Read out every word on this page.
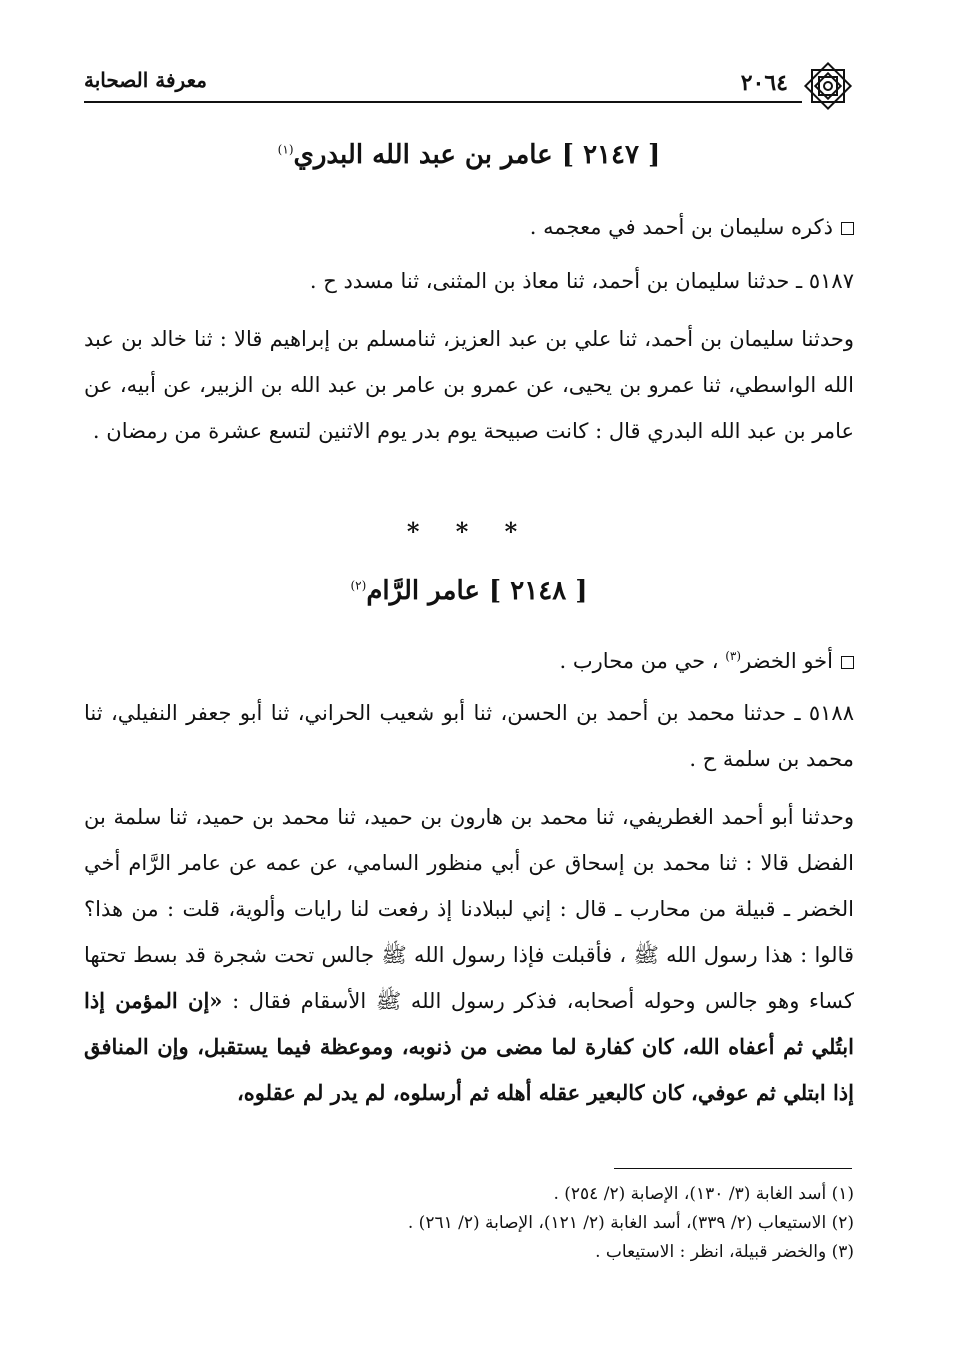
معرفة الصحابة	٢٠٦٤
[ ٢١٤٧ ] عامر بن عبد الله البدري$^{(١)}$
ذكره سليمان بن أحمد في معجمه .
٥١٨٧ ـ حدثنا سليمان بن أحمد، ثنا معاذ بن المثنى، ثنا مسدد ح .
وحدثنا سليمان بن أحمد، ثنا علي بن عبد العزيز، ثنامسلم بن إبراهيم قالا : ثنا خالد بن عبد الله الواسطي، ثنا عمرو بن يحيى، عن عمرو بن عامر بن عبد الله بن الزبير، عن أبيه، عن عامر بن عبد الله البدري قال : كانت صبيحة يوم بدر يوم الاثنين لتسع عشرة من رمضان .
* * *
[ ٢١٤٨ ] عامر الرَّام$^{(٢)}$
أخو الخضر$^{(٣)}$ ، حي من محارب .
٥١٨٨ ـ حدثنا محمد بن أحمد بن الحسن، ثنا أبو شعيب الحراني، ثنا أبو جعفر النفيلي، ثنا محمد بن سلمة ح .
وحدثنا أبو أحمد الغطريفي، ثنا محمد بن هارون بن حميد، ثنا محمد بن حميد، ثنا سلمة بن الفضل قالا : ثنا محمد بن إسحاق عن أبي منظور السامي، عن عمه عن عامر الرَّام أخي الخضر ـ قبيلة من محارب ـ قال : إني لببلادنا إذ رفعت لنا رايات وألوية، قلت : من هذا؟ قالوا : هذا رسول الله ﷺ ، فأقبلت فإذا رسول الله ﷺ جالس تحت شجرة قد بسط تحتها كساء وهو جالس وحوله أصحابه، فذكر رسول الله ﷺ الأسقام فقال : «إن المؤمن إذا ابتُلي ثم أعفاه الله، كان كفارة لما مضى من ذنوبه، وموعظة فيما يستقبل، وإن المنافق إذا ابتلي ثم عوفي، كان كالبعير عقله أهله ثم أرسلوه، لم يدر لم عقلوه،
(١) أسد الغابة (٣/ ١٣٠)، الإصابة (٢/ ٢٥٤) .
(٢) الاستيعاب (٢/ ٣٣٩)، أسد الغابة (٢/ ١٢١)، الإصابة (٢/ ٢٦١) .
(٣) والخضر قبيلة، انظر : الاستيعاب .
